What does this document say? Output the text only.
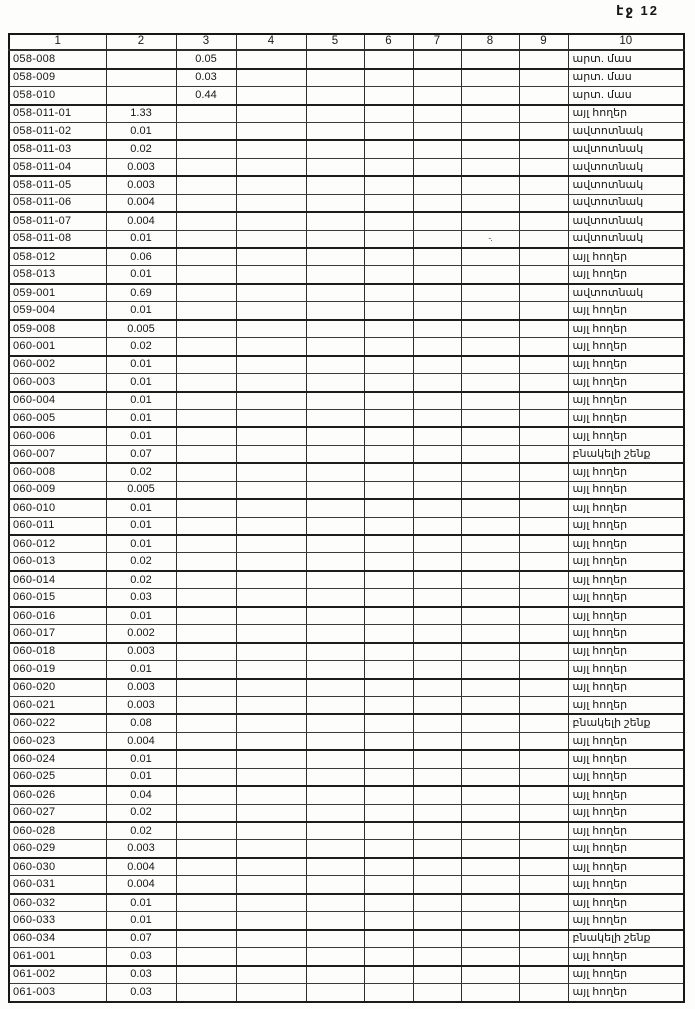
էջ 12
1	2	3	4	5	6	7	8	9	10
058-008		0.05							արտ. մաս
058-009		0.03							արտ. մաս
058-010		0.44							արտ. մաս
058-011-01	1.33								այլ հողեր
058-011-02	0.01								ավտոտնակ
058-011-03	0.02								ավտոտնակ
058-011-04	0.003								ավտոտնակ
058-011-05	0.003								ավտոտնակ
058-011-06	0.004								ավտոտնակ
058-011-07	0.004								ավտոտնակ
058-011-08	0.01						-.		ավտոտնակ
058-012	0.06								այլ հողեր
058-013	0.01								այլ հողեր
059-001	0.69								ավտոտնակ
059-004	0.01								այլ հողեր
059-008	0.005								այլ հողեր
060-001	0.02								այլ հողեր
060-002	0.01								այլ հողեր
060-003	0.01								այլ հողեր
060-004	0.01								այլ հողեր
060-005	0.01								այլ հողեր
060-006	0.01								այլ հողեր
060-007	0.07								բնակելի շենք
060-008	0.02								այլ հողեր
060-009	0.005								այլ հողեր
060-010	0.01								այլ հողեր
060-011	0.01								այլ հողեր
060-012	0.01								այլ հողեր
060-013	0.02								այլ հողեր
060-014	0.02								այլ հողեր
060-015	0.03								այլ հողեր
060-016	0.01								այլ հողեր
060-017	0.002								այլ հողեր
060-018	0.003								այլ հողեր
060-019	0.01								այլ հողեր
060-020	0.003								այլ հողեր
060-021	0.003								այլ հողեր
060-022	0.08								բնակելի շենք
060-023	0.004								այլ հողեր
060-024	0.01								այլ հողեր
060-025	0.01								այլ հողեր
060-026	0.04								այլ հողեր
060-027	0.02								այլ հողեր
060-028	0.02								այլ հողեր
060-029	0.003								այլ հողեր
060-030	0.004								այլ հողեր
060-031	0.004								այլ հողեր
060-032	0.01								այլ հողեր
060-033	0.01								այլ հողեր
060-034	0.07								բնակելի շենք
061-001	0.03								այլ հողեր
061-002	0.03								այլ հողեր
061-003	0.03								այլ հողեր
